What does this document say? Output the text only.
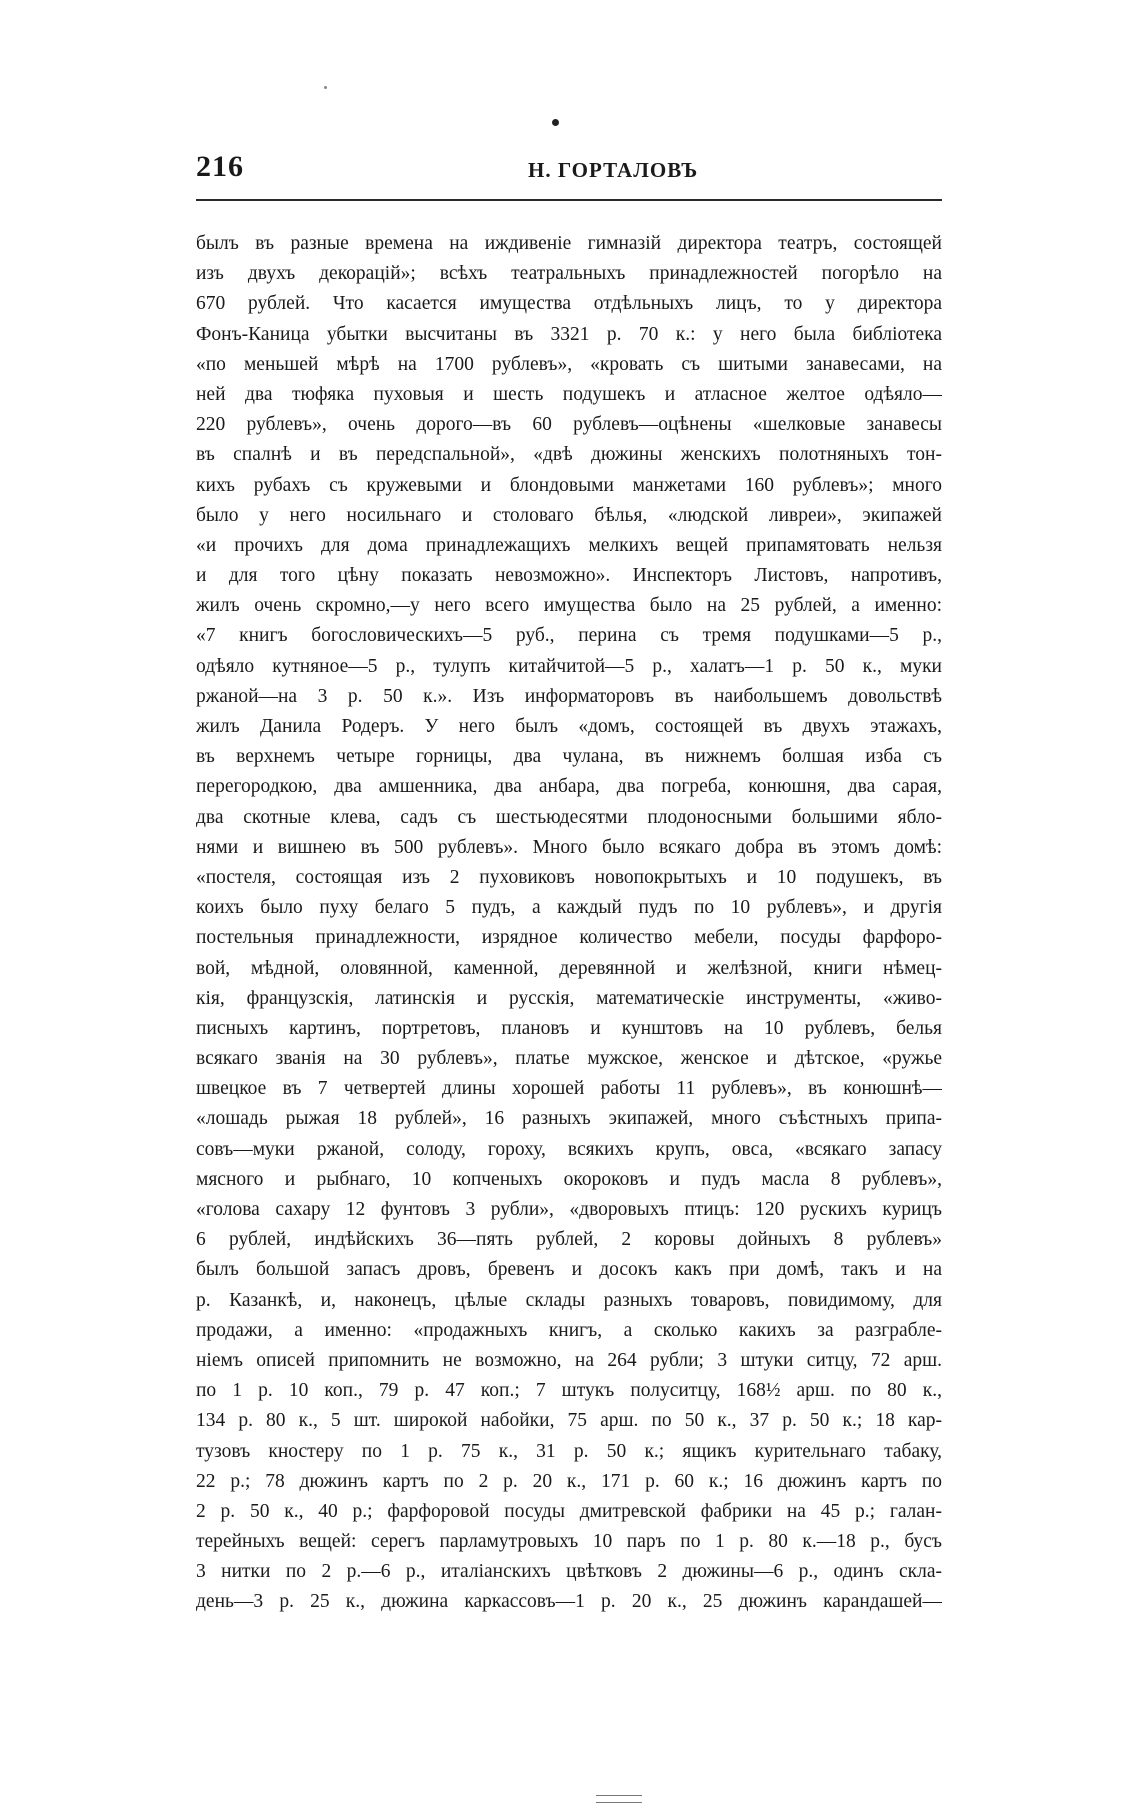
216	Н. ГОРТАЛОВЪ
былъ въ разные времена на иждивеніе гимназій директора театръ, состоящей
изъ двухъ декорацій»; всѣхъ театральныхъ принадлежностей погорѣло на
670 рублей. Что касается имущества отдѣльныхъ лицъ, то у директора
Фонъ-Каница убытки высчитаны въ 3321 р. 70 к.: у него была библіотека
«по меньшей мѣрѣ на 1700 рублевъ», «кровать съ шитыми занавесами, на
ней два тюфяка пуховыя и шесть подушекъ и атласное желтое одѣяло—
220 рублевъ», очень дорого—въ 60 рублевъ—оцѣнены «шелковые занавесы
въ спалнѣ и въ передспальной», «двѣ дюжины женскихъ полотняныхъ тон-
кихъ рубахъ съ кружевыми и блондовыми манжетами 160 рублевъ»; много
было у него носильнаго и столоваго бѣлья, «людской ливреи», экипажей
«и прочихъ для дома принадлежащихъ мелкихъ вещей припамятовать нельзя
и для того цѣну показать невозможно». Инспекторъ Листовъ, напротивъ,
жилъ очень скромно,—у него всего имущества было на 25 рублей, а именно:
«7 книгъ богословическихъ—5 руб., перина съ тремя подушками—5 р.,
одѣяло кутняное—5 р., тулупъ китайчитой—5 р., халатъ—1 р. 50 к., муки
ржаной—на 3 р. 50 к.». Изъ информаторовъ въ наибольшемъ довольствѣ
жилъ Данила Родеръ. У него былъ «домъ, состоящей въ двухъ этажахъ,
въ верхнемъ четыре горницы, два чулана, въ нижнемъ болшая изба съ
перегородкою, два амшенника, два анбара, два погреба, конюшня, два сарая,
два скотные клева, садъ съ шестьюдесятми плодоносными большими ябло-
нями и вишнею въ 500 рублевъ». Много было всякаго добра въ этомъ домѣ:
«постеля, состоящая изъ 2 пуховиковъ новопокрытыхъ и 10 подушекъ, въ
коихъ было пуху белаго 5 пудъ, а каждый пудъ по 10 рублевъ», и другія
постельныя принадлежности, изрядное количество мебели, посуды фарфоро-
вой, мѣдной, оловянной, каменной, деревянной и желѣзной, книги нѣмец-
кія, французскія, латинскія и русскія, математическіе инструменты, «живо-
писныхъ картинъ, портретовъ, плановъ и кунштовъ на 10 рублевъ, белья
всякаго званія на 30 рублевъ», платье мужское, женское и дѣтское, «ружье
швецкое въ 7 четвертей длины хорошей работы 11 рублевъ», въ конюшнѣ—
«лошадь рыжая 18 рублей», 16 разныхъ экипажей, много съѣстныхъ припа-
совъ—муки ржаной, солоду, гороху, всякихъ крупъ, овса, «всякаго запасу
мясного и рыбнаго, 10 копченыхъ окороковъ и пудъ масла 8 рублевъ»,
«голова сахару 12 фунтовъ 3 рубли», «дворовыхъ птицъ: 120 рускихъ курицъ
6 рублей, индѣйскихъ 36—пять рублей, 2 коровы дойныхъ 8 рублевъ»
былъ большой запасъ дровъ, бревенъ и досокъ какъ при домѣ, такъ и на
р. Казанкѣ, и, наконецъ, цѣлые склады разныхъ товаровъ, повидимому, для
продажи, а именно: «продажныхъ книгъ, а сколько какихъ за разграбле-
ніемъ описей припомнить не возможно, на 264 рубли; 3 штуки ситцу, 72 арш.
по 1 р. 10 коп., 79 р. 47 коп.; 7 штукъ полуситцу, 168½ арш. по 80 к.,
134 р. 80 к., 5 шт. широкой набойки, 75 арш. по 50 к., 37 р. 50 к.; 18 кар-
тузовъ кностеру по 1 р. 75 к., 31 р. 50 к.; ящикъ курительнаго табаку,
22 р.; 78 дюжинъ картъ по 2 р. 20 к., 171 р. 60 к.; 16 дюжинъ картъ по
2 р. 50 к., 40 р.; фарфоровой посуды дмитревской фабрики на 45 р.; галан-
терейныхъ вещей: серегъ парламутровыхъ 10 паръ по 1 р. 80 к.—18 р., бусъ
3 нитки по 2 р.—6 р., италіанскихъ цвѣтковъ 2 дюжины—6 р., одинъ склa-
день—3 р. 25 к., дюжина каркассовъ—1 р. 20 к., 25 дюжинъ карандашей—
